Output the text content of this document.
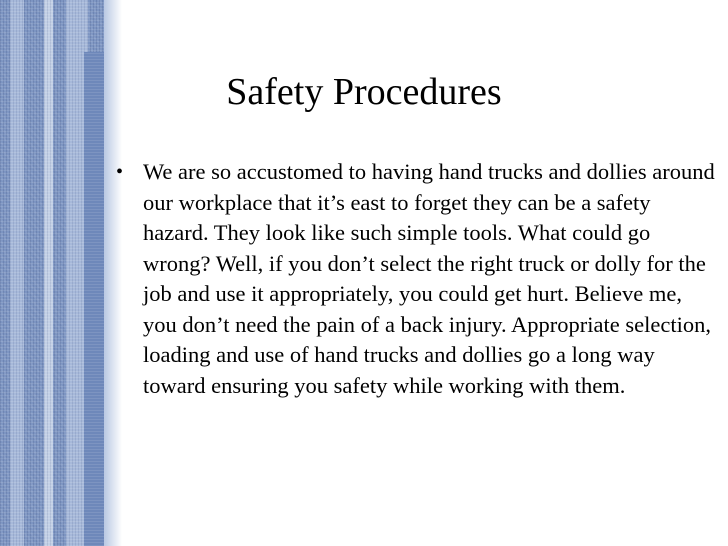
Safety Procedures
• We are so accustomed to having hand trucks and dollies around our workplace that it’s east to forget they can be a safety hazard. They look like such simple tools. What could go wrong? Well, if you don’t select the right truck or dolly for the job and use it appropriately, you could get hurt. Believe me, you don’t need the pain of a back injury. Appropriate selection, loading and use of hand trucks and dollies go a long way toward ensuring you safety while working with them.
